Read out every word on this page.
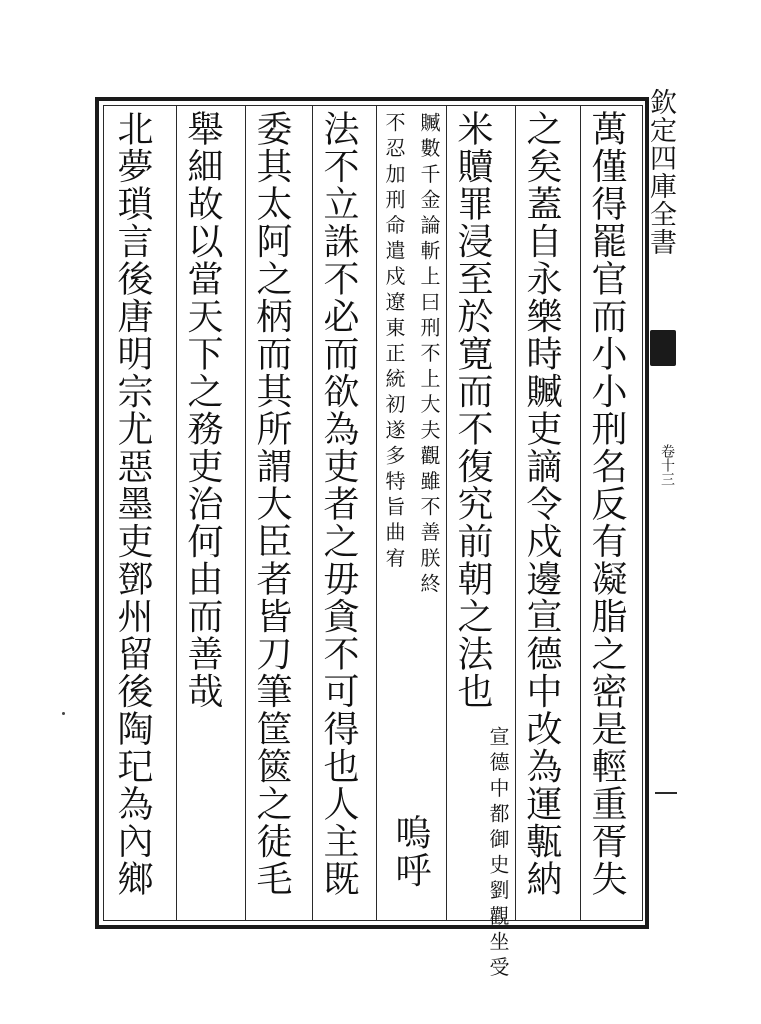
萬僅得罷官而小小刑名反有凝脂之密是輕重胥失
之矣蓋自永樂時贓吏謫令戍邊宣德中改為運甎納
米贖罪浸至於寛而不復究前朝之法也
宣德中都御史劉觀坐受
贓數千金論斬上曰刑不上大夫觀雖不善朕終
不忍加刑命遣戍遼東正統初遂多特旨曲宥
嗚呼
法不立誅不必而欲為吏者之毋貪不可得也人主既
委其太阿之柄而其所謂大臣者皆刀筆筐篋之徒毛
舉細故以當天下之務吏治何由而善哉
北夢瑣言後唐明宗尤惡墨吏鄧州留後陶玘為內鄉	欽定四庫全書
卷十三
